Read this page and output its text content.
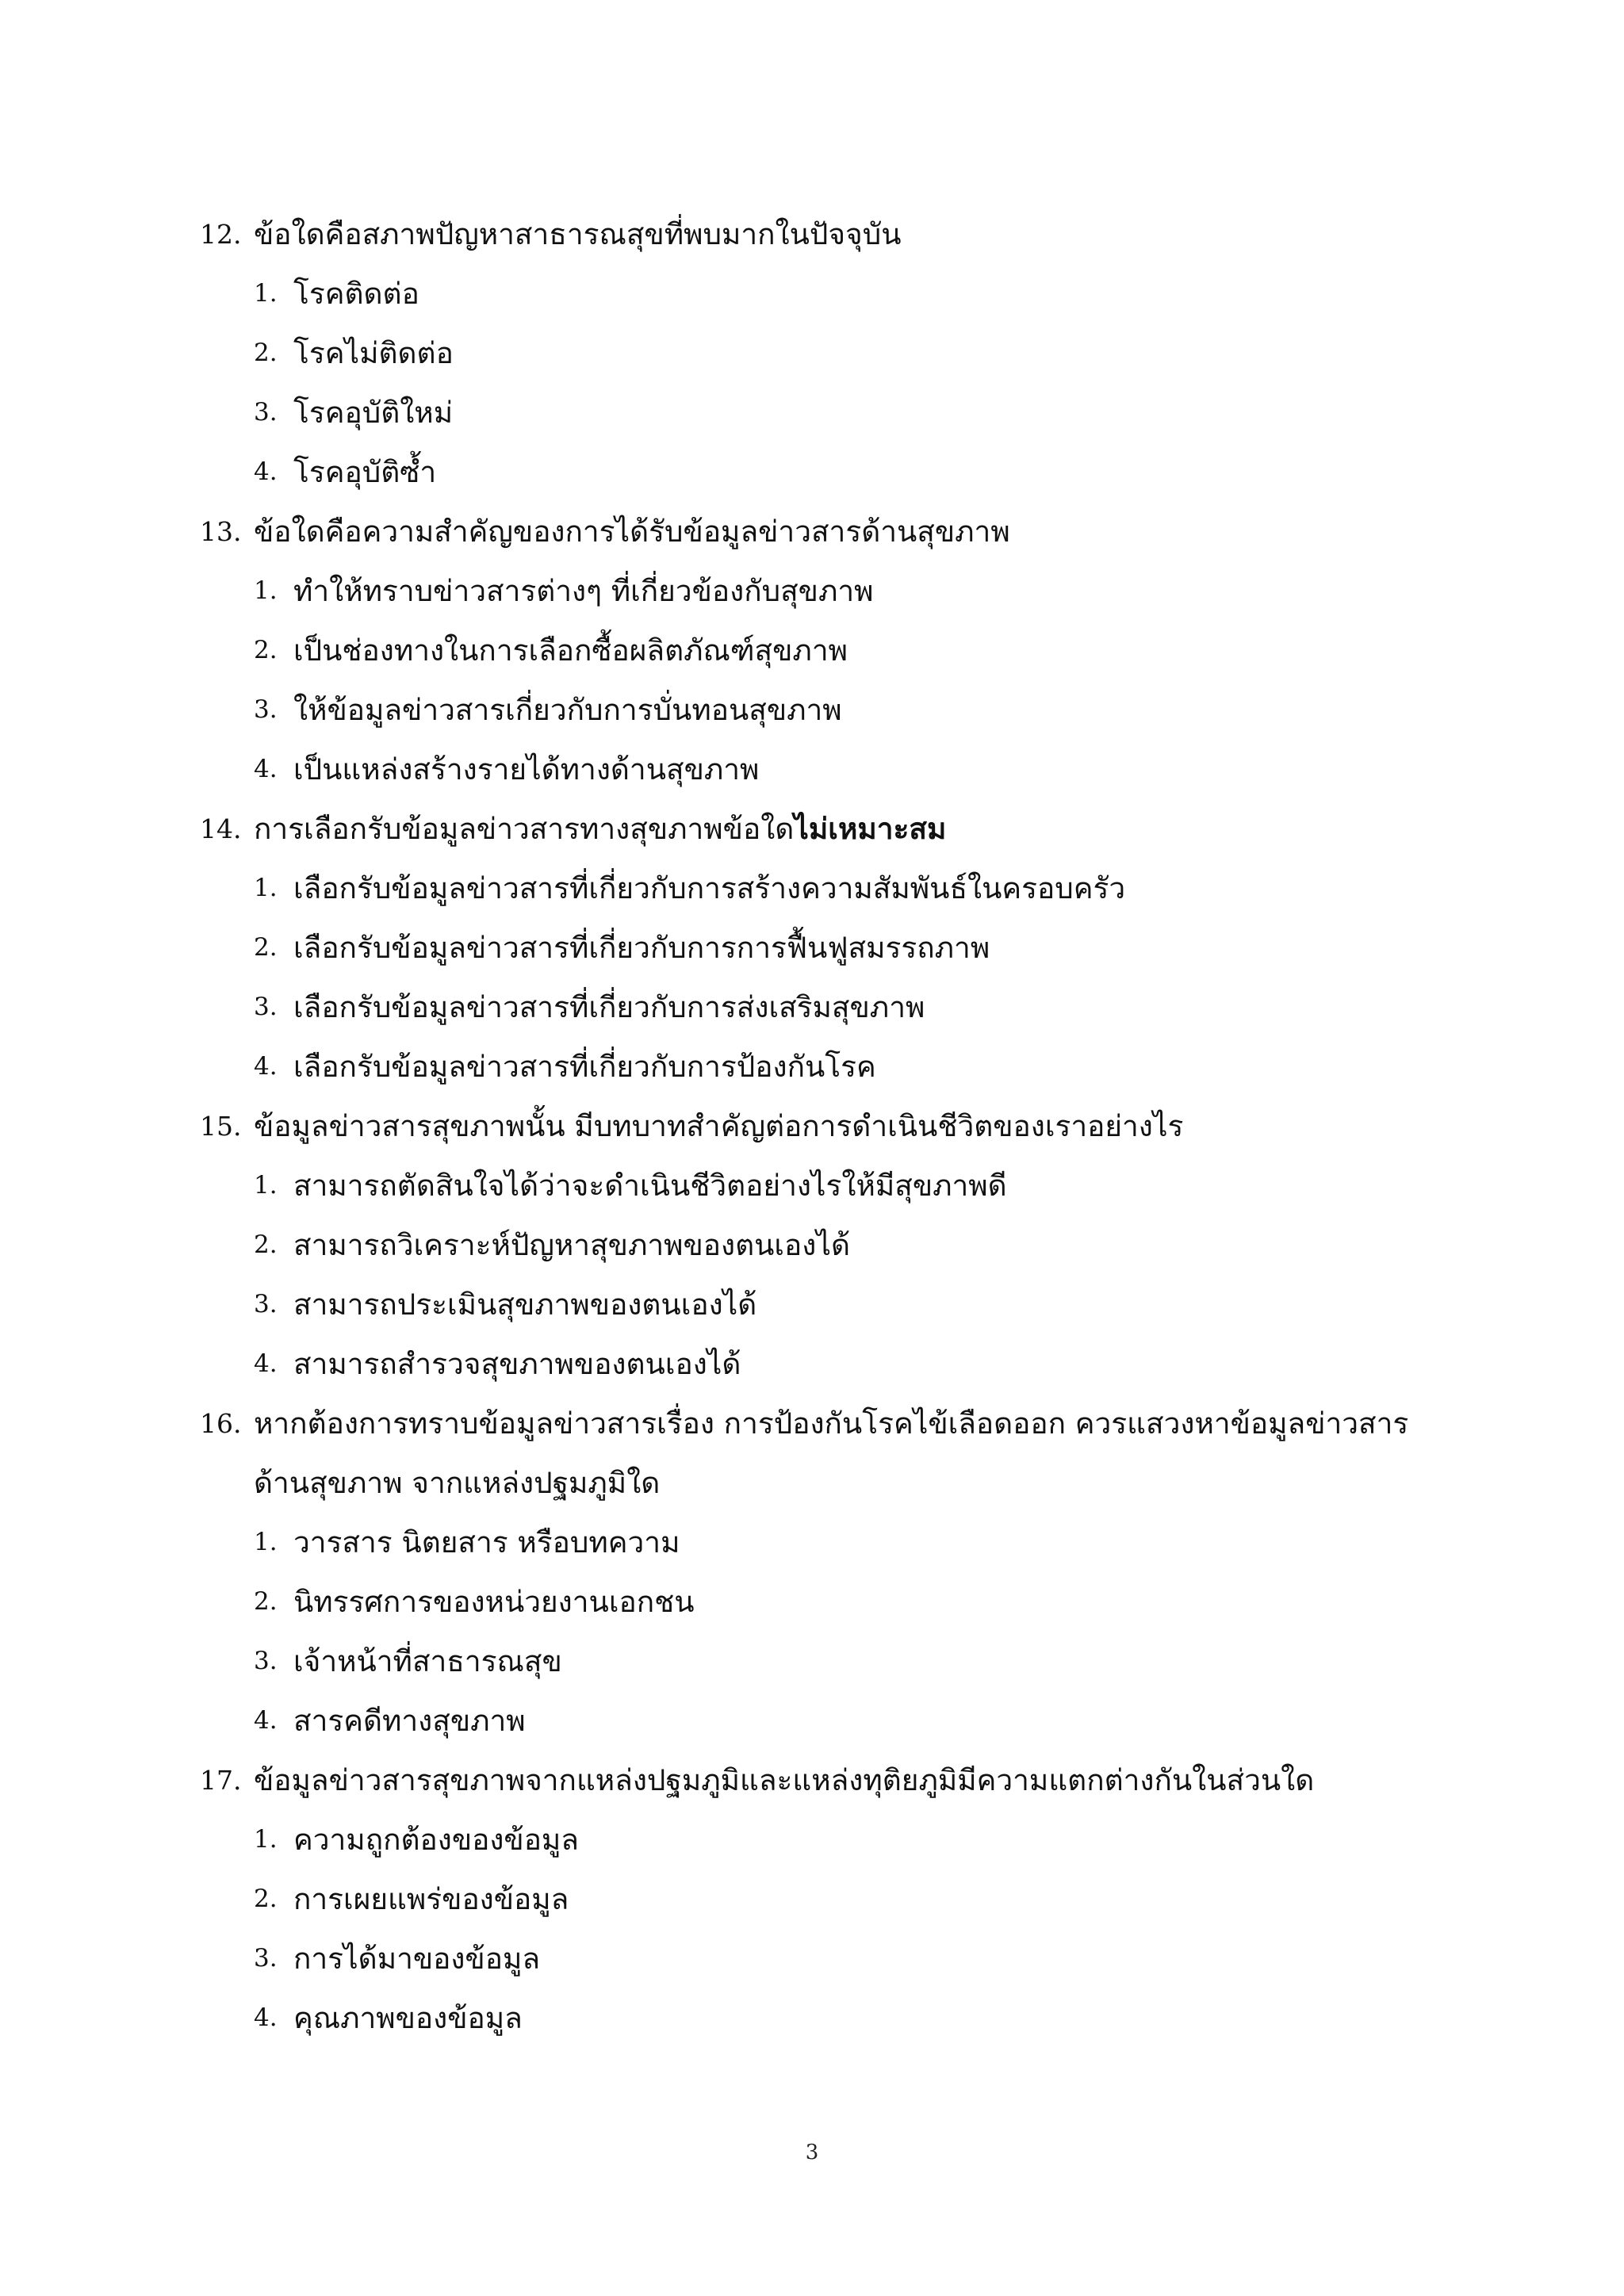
12. ข้อใดคือสภาพปัญหาสาธารณสุขที่พบมากในปัจจุบัน
1. โรคติดต่อ
2. โรคไม่ติดต่อ
3. โรคอุบัติใหม่
4. โรคอุบัติซ้ำ
13. ข้อใดคือความสำคัญของการได้รับข้อมูลข่าวสารด้านสุขภาพ
1. ทำให้ทราบข่าวสารต่างๆ ที่เกี่ยวข้องกับสุขภาพ
2. เป็นช่องทางในการเลือกซื้อผลิตภัณฑ์สุขภาพ
3. ให้ข้อมูลข่าวสารเกี่ยวกับการบั่นทอนสุขภาพ
4. เป็นแหล่งสร้างรายได้ทางด้านสุขภาพ
14. การเลือกรับข้อมูลข่าวสารทางสุขภาพข้อใดไม่เหมาะสม
1. เลือกรับข้อมูลข่าวสารที่เกี่ยวกับการสร้างความสัมพันธ์ในครอบครัว
2. เลือกรับข้อมูลข่าวสารที่เกี่ยวกับการการฟื้นฟูสมรรถภาพ
3. เลือกรับข้อมูลข่าวสารที่เกี่ยวกับการส่งเสริมสุขภาพ
4. เลือกรับข้อมูลข่าวสารที่เกี่ยวกับการป้องกันโรค
15. ข้อมูลข่าวสารสุขภาพนั้น มีบทบาทสำคัญต่อการดำเนินชีวิตของเราอย่างไร
1. สามารถตัดสินใจได้ว่าจะดำเนินชีวิตอย่างไรให้มีสุขภาพดี
2. สามารถวิเคราะห์ปัญหาสุขภาพของตนเองได้
3. สามารถประเมินสุขภาพของตนเองได้
4. สามารถสำรวจสุขภาพของตนเองได้
16. หากต้องการทราบข้อมูลข่าวสารเรื่อง การป้องกันโรคไข้เลือดออก ควรแสวงหาข้อมูลข่าวสาร
ด้านสุขภาพ จากแหล่งปฐมภูมิใด
1. วารสาร นิตยสาร หรือบทความ
2. นิทรรศการของหน่วยงานเอกชน
3. เจ้าหน้าที่สาธารณสุข
4. สารคดีทางสุขภาพ
17. ข้อมูลข่าวสารสุขภาพจากแหล่งปฐมภูมิและแหล่งทุติยภูมิมีความแตกต่างกันในส่วนใด
1. ความถูกต้องของข้อมูล
2. การเผยแพร่ของข้อมูล
3. การได้มาของข้อมูล
4. คุณภาพของข้อมูล
3
